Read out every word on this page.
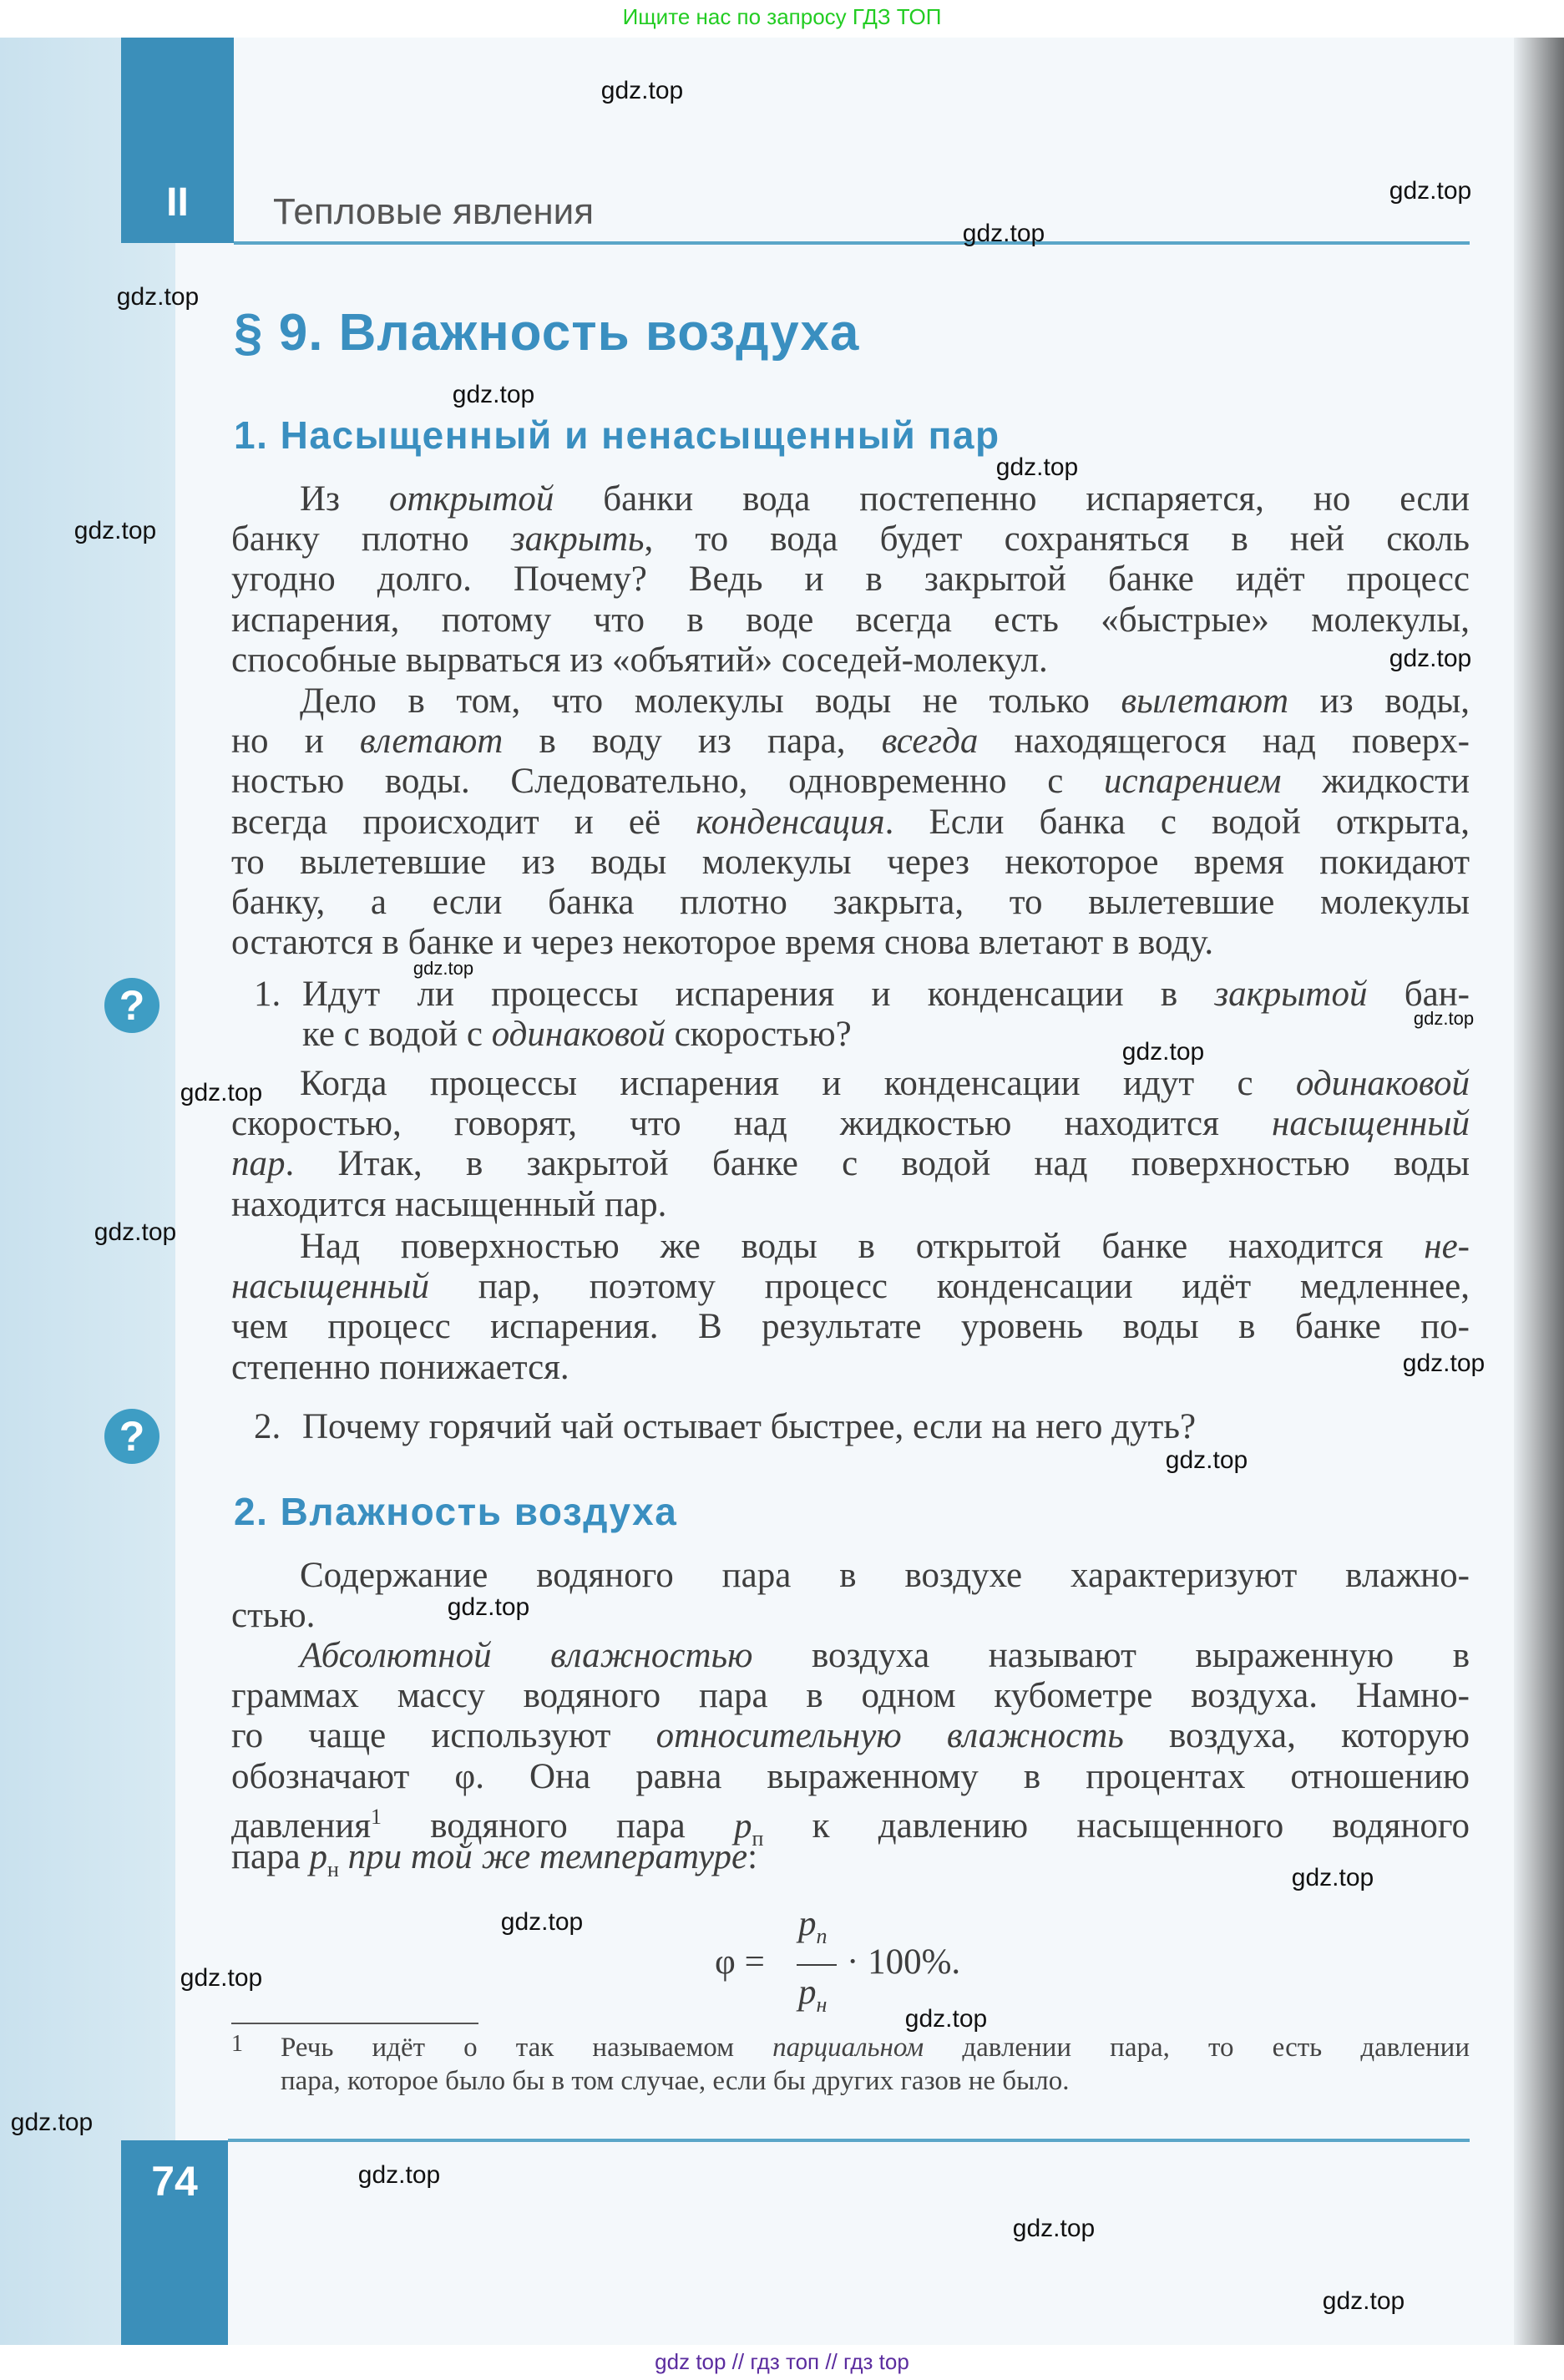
Ищите нас по запросу ГДЗ ТОП
II	Тепловые явления
§ 9. Влажность воздуха
1. Насыщенный и ненасыщенный пар
Из открытой банки вода постепенно испаряется, но если
банку плотно закрыть, то вода будет сохраняться в ней сколь
угодно долго. Почему? Ведь и в закрытой банке идёт процесс
испарения, потому что в воде всегда есть «быстрые» молекулы,
способные вырваться из «объятий» соседей-молекул.
Дело в том, что молекулы воды не только вылетают из воды,
но и влетают в воду из пара, всегда находящегося над поверх-
ностью воды. Следовательно, одновременно с испарением жидкости
всегда происходит и её конденсация. Если банка с водой открыта,
то вылетевшие из воды молекулы через некоторое время покидают
банку, а если банка плотно закрыта, то вылетевшие молекулы
остаются в банке и через некоторое время снова влетают в воду.
?	1. Идут ли процессы испарения и конденсации в закрытой бан-
ке с водой с одинаковой скоростью?
Когда процессы испарения и конденсации идут с одинаковой
скоростью, говорят, что над жидкостью находится насыщенный
пар. Итак, в закрытой банке с водой над поверхностью воды
находится насыщенный пар.
Над поверхностью же воды в открытой банке находится не-
насыщенный пар, поэтому процесс конденсации идёт медленнее,
чем процесс испарения. В результате уровень воды в банке по-
степенно понижается.
?	2. Почему горячий чай остывает быстрее, если на него дуть?
2. Влажность воздуха
Содержание водяного пара в воздухе характеризуют влажно-
стью.
Абсолютной влажностью воздуха называют выраженную в
граммах массу водяного пара в одном кубометре воздуха. Намно-
го чаще используют относительную влажность воздуха, которую
обозначают φ. Она равна выраженному в процентах отношению
давления$^1$ водяного пара $p_п$ к давлению насыщенного водяного
пара $p_н$ при той же температуре:
φ =
$p_п$
$p_н$
· 100%.
1 Речь идёт о так называемом парциальном давлении пара, то есть давлении
пара, которое было бы в том случае, если бы других газов не было.
74
gdz.top
gdz.top
gdz.top
gdz.top
gdz.top
gdz.top
gdz.top
gdz.top
gdz.top
gdz.top
gdz.top
gdz.top
gdz.top
gdz.top
gdz.top
gdz.top
gdz.top
gdz.top
gdz.top
gdz.top
gdz.top
gdz.top
gdz.top
gdz.top
gdz top // гдз топ // гдз top
